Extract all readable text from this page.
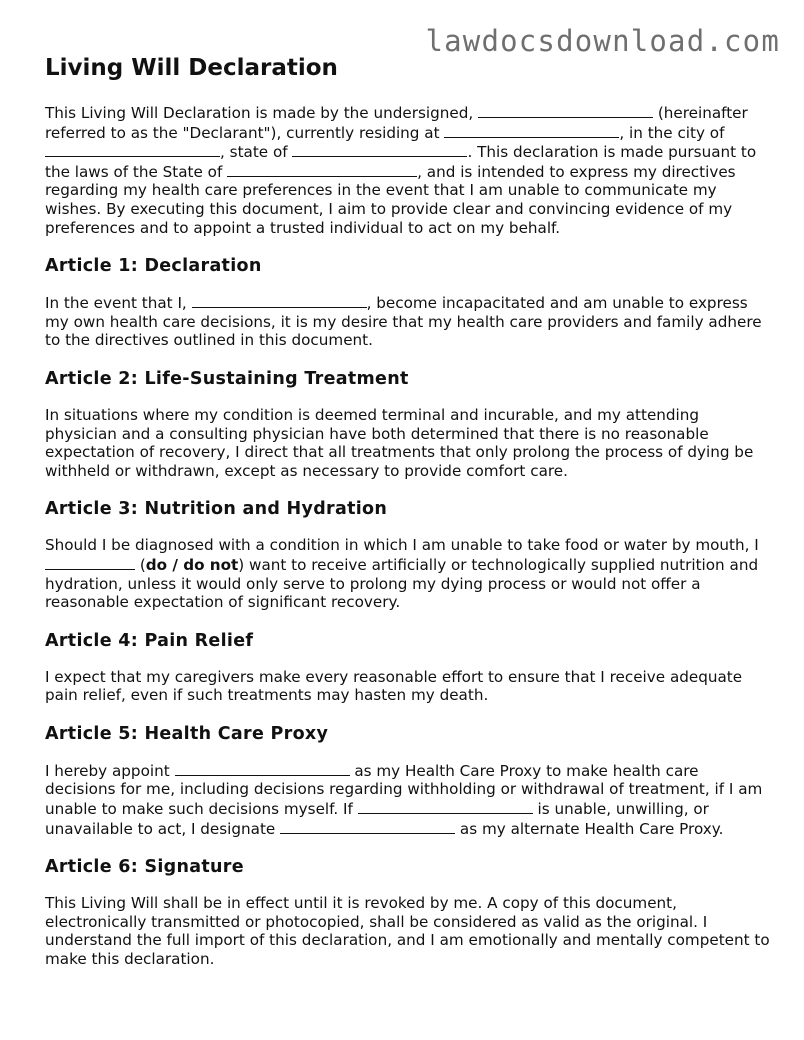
lawdocsdownload.com
Living Will Declaration

This Living Will Declaration is made by the undersigned,	(hereinafter referred to as the "Declarant"), currently residing at	, in the city of , state of	. This declaration is made pursuant to the laws of the State of	, and is intended to express my directives regarding my health care preferences in the event that I am unable to communicate my wishes. By executing this document, I aim to provide clear and convincing evidence of my preferences and to appoint a trusted individual to act on my behalf.

Article 1: Declaration

In the event that I,	, become incapacitated and am unable to express my own health care decisions, it is my desire that my health care providers and family adhere to the directives outlined in this document.

Article 2: Life-Sustaining Treatment

In situations where my condition is deemed terminal and incurable, and my attending physician and a consulting physician have both determined that there is no reasonable expectation of recovery, I direct that all treatments that only prolong the process of dying be withheld or withdrawn, except as necessary to provide comfort care.

Article 3: Nutrition and Hydration

Should I be diagnosed with a condition in which I am unable to take food or water by mouth, I  (do / do not) want to receive artificially or technologically supplied nutrition and hydration, unless it would only serve to prolong my dying process or would not offer a reasonable expectation of significant recovery.

Article 4: Pain Relief

I expect that my caregivers make every reasonable effort to ensure that I receive adequate pain relief, even if such treatments may hasten my death.

Article 5: Health Care Proxy

I hereby appoint	as my Health Care Proxy to make health care decisions for me, including decisions regarding withholding or withdrawal of treatment, if I am unable to make such decisions myself. If	is unable, unwilling, or unavailable to act, I designate	as my alternate Health Care Proxy.

Article 6: Signature

This Living Will shall be in effect until it is revoked by me. A copy of this document, electronically transmitted or photocopied, shall be considered as valid as the original. I understand the full import of this declaration, and I am emotionally and mentally competent to make this declaration.
